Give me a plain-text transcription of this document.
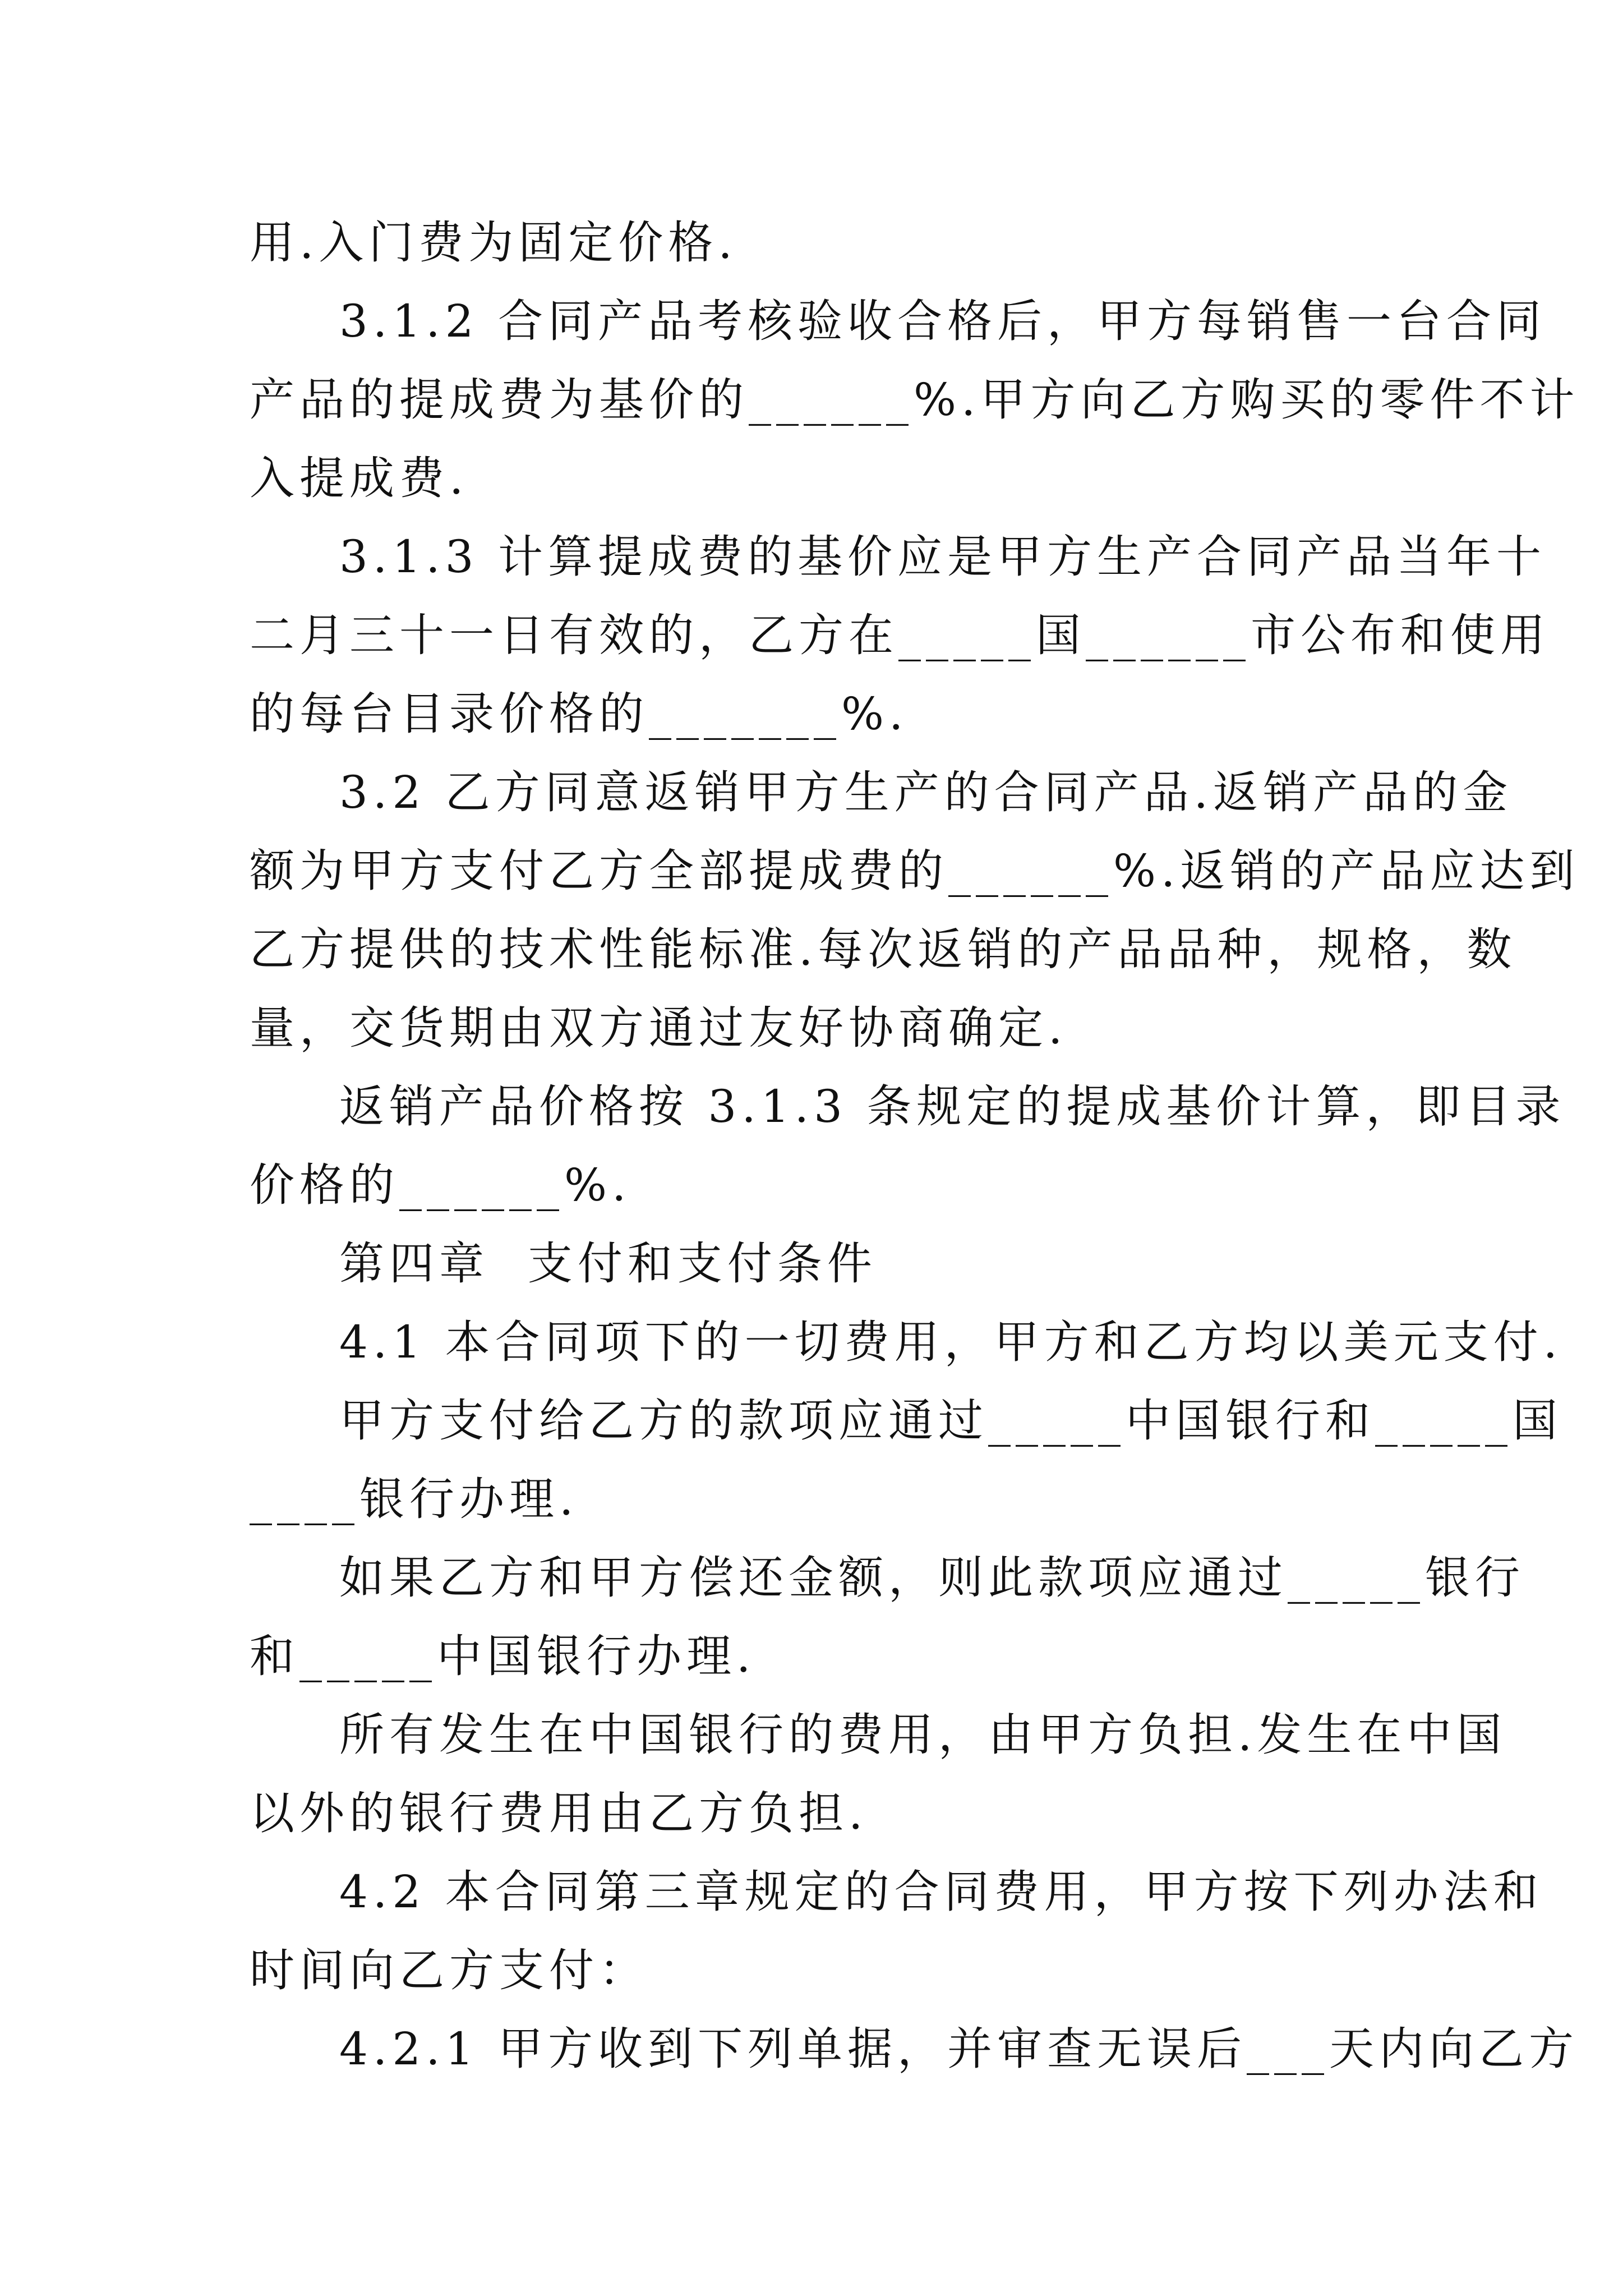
用.入门费为固定价格.
3.1.2 合同产品考核验收合格后，甲方每销售一台合同
产品的提成费为基价的______%.甲方向乙方购买的零件不计
入提成费.
3.1.3 计算提成费的基价应是甲方生产合同产品当年十
二月三十一日有效的，乙方在_____国______市公布和使用
的每台目录价格的_______%.
3.2 乙方同意返销甲方生产的合同产品.返销产品的金
额为甲方支付乙方全部提成费的______%.返销的产品应达到
乙方提供的技术性能标准.每次返销的产品品种，规格，数
量，交货期由双方通过友好协商确定.
返销产品价格按 3.1.3 条规定的提成基价计算，即目录
价格的______%.
第四章  支付和支付条件
4.1 本合同项下的一切费用，甲方和乙方均以美元支付.
甲方支付给乙方的款项应通过_____中国银行和_____国
____银行办理.
如果乙方和甲方偿还金额，则此款项应通过_____银行
和_____中国银行办理.
所有发生在中国银行的费用，由甲方负担.发生在中国
以外的银行费用由乙方负担.
4.2 本合同第三章规定的合同费用，甲方按下列办法和
时间向乙方支付：
4.2.1 甲方收到下列单据，并审查无误后___天内向乙方
